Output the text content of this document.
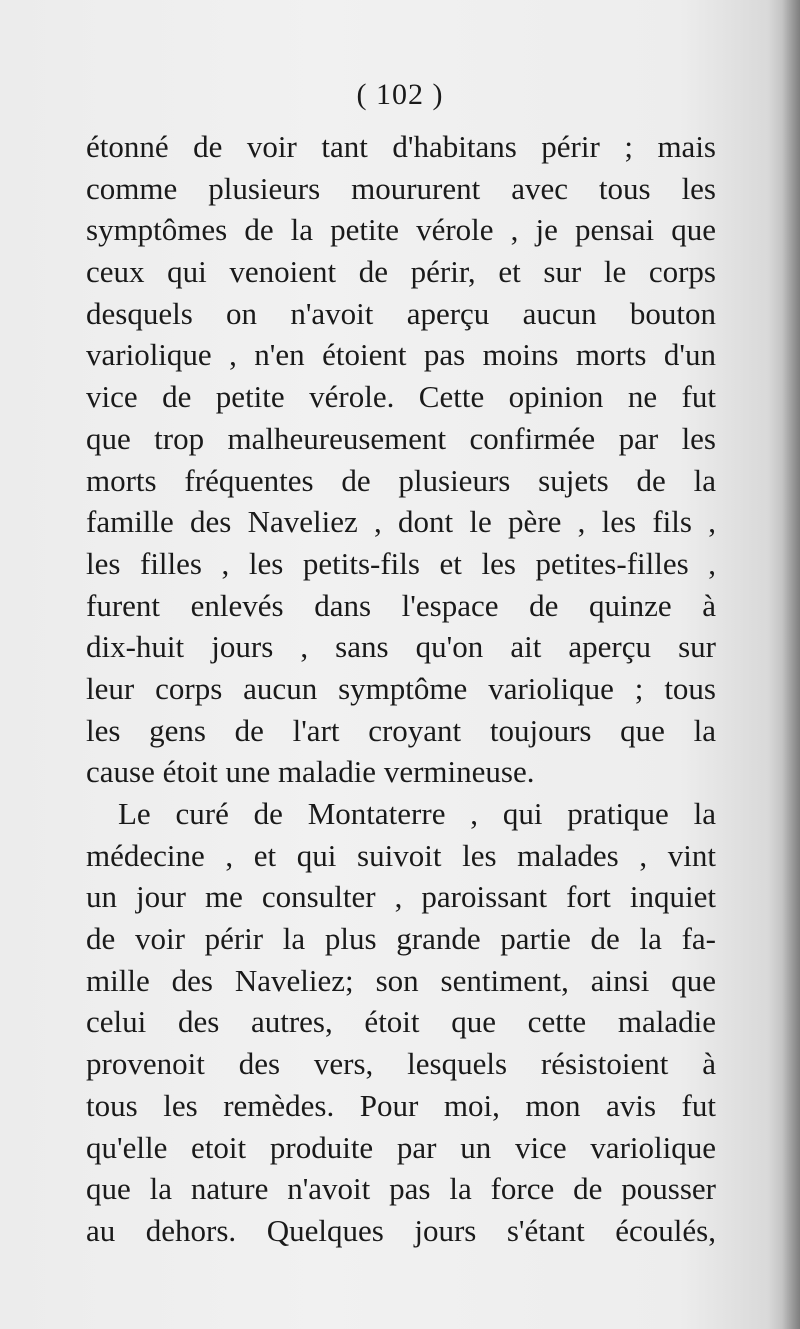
( 102 )
étonné de voir tant d'habitans périr ; mais
comme plusieurs moururent avec tous les
symptômes de la petite vérole , je pensai que
ceux qui venoient de périr, et sur le corps
desquels on n'avoit aperçu aucun bouton
variolique , n'en étoient pas moins morts d'un
vice de petite vérole. Cette opinion ne fut
que trop malheureusement confirmée par les
morts fréquentes de plusieurs sujets de la
famille des Naveliez , dont le père , les fils ,
les filles , les petits-fils et les petites-filles ,
furent enlevés dans l'espace de quinze à
dix-huit jours , sans qu'on ait aperçu sur
leur corps aucun symptôme variolique ; tous
les gens de l'art croyant toujours que la
cause étoit une maladie vermineuse.
Le curé de Montaterre , qui pratique la
médecine , et qui suivoit les malades , vint
un jour me consulter , paroissant fort inquiet
de voir périr la plus grande partie de la fa-
mille des Naveliez; son sentiment, ainsi que
celui des autres, étoit que cette maladie
provenoit des vers, lesquels résistoient à
tous les remèdes. Pour moi, mon avis fut
qu'elle etoit produite par un vice variolique
que la nature n'avoit pas la force de pousser
au dehors. Quelques jours s'étant écoulés,
